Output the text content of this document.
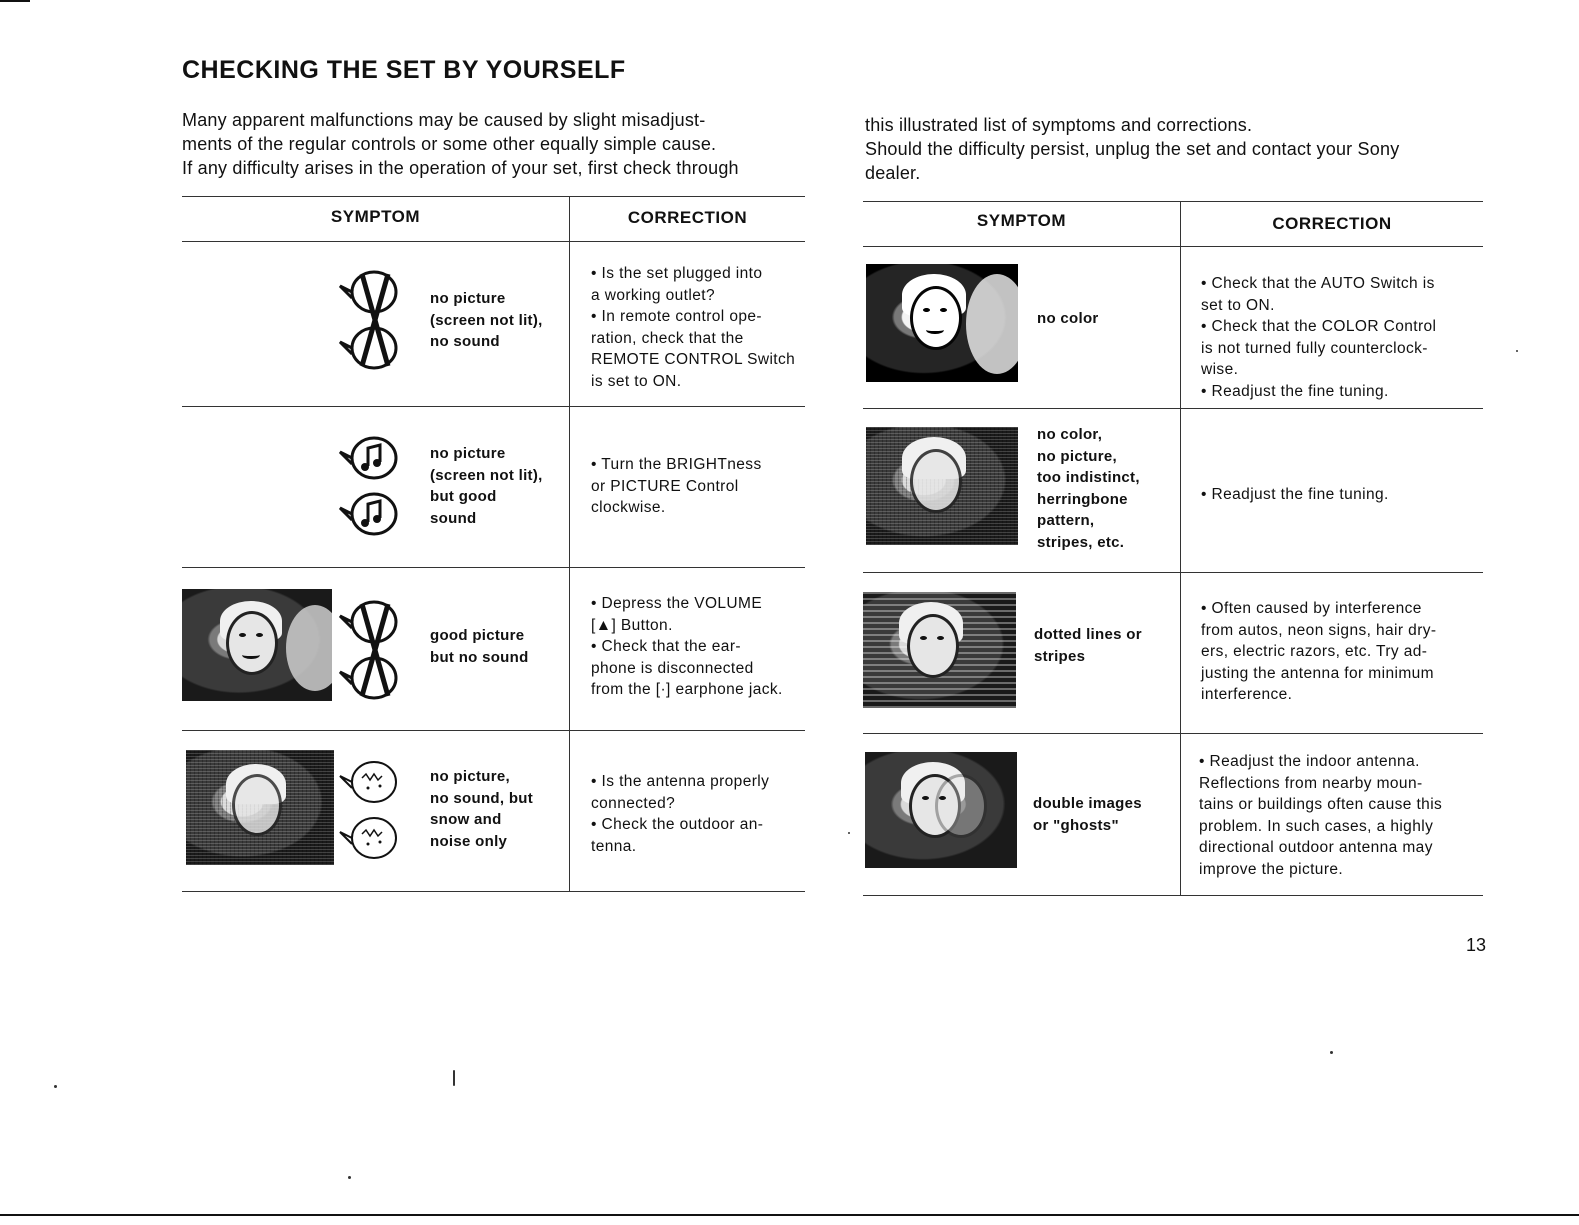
CHECKING THE SET BY YOURSELF
Many apparent malfunctions may be caused by slight misadjust-
ments of the regular controls or some other equally simple cause.
If any difficulty arises in the operation of your set, first check through
this illustrated list of symptoms and corrections.
Should the difficulty persist, unplug the set and contact your Sony
dealer.
SYMPTOM	CORRECTION
no picture
(screen not lit),
no sound
• Is the set plugged into
a working outlet?
• In remote control ope-
ration, check that the
REMOTE CONTROL Switch
is set to ON.
no picture
(screen not lit),
but good
sound
• Turn the BRIGHTness
or PICTURE Control
clockwise.
good picture
but no sound
• Depress the VOLUME
[▲] Button.
• Check that the ear-
phone is disconnected
from the [·] earphone jack.
no picture,
no sound, but
snow and
noise only
• Is the antenna properly
connected?
• Check the outdoor an-
tenna.
SYMPTOM	CORRECTION
no color
• Check that the AUTO Switch is
set to ON.
• Check that the COLOR Control
is not turned fully counterclock-
wise.
• Readjust the fine tuning.
no color,
no picture,
too indistinct,
herringbone
pattern,
stripes, etc.
• Readjust the fine tuning.
dotted lines or
stripes
• Often caused by interference
from autos, neon signs, hair dry-
ers, electric razors, etc. Try ad-
justing the antenna for minimum
interference.
double images
or "ghosts"
• Readjust the indoor antenna.
Reflections from nearby moun-
tains or buildings often cause this
problem. In such cases, a highly
directional outdoor antenna may
improve the picture.
13
